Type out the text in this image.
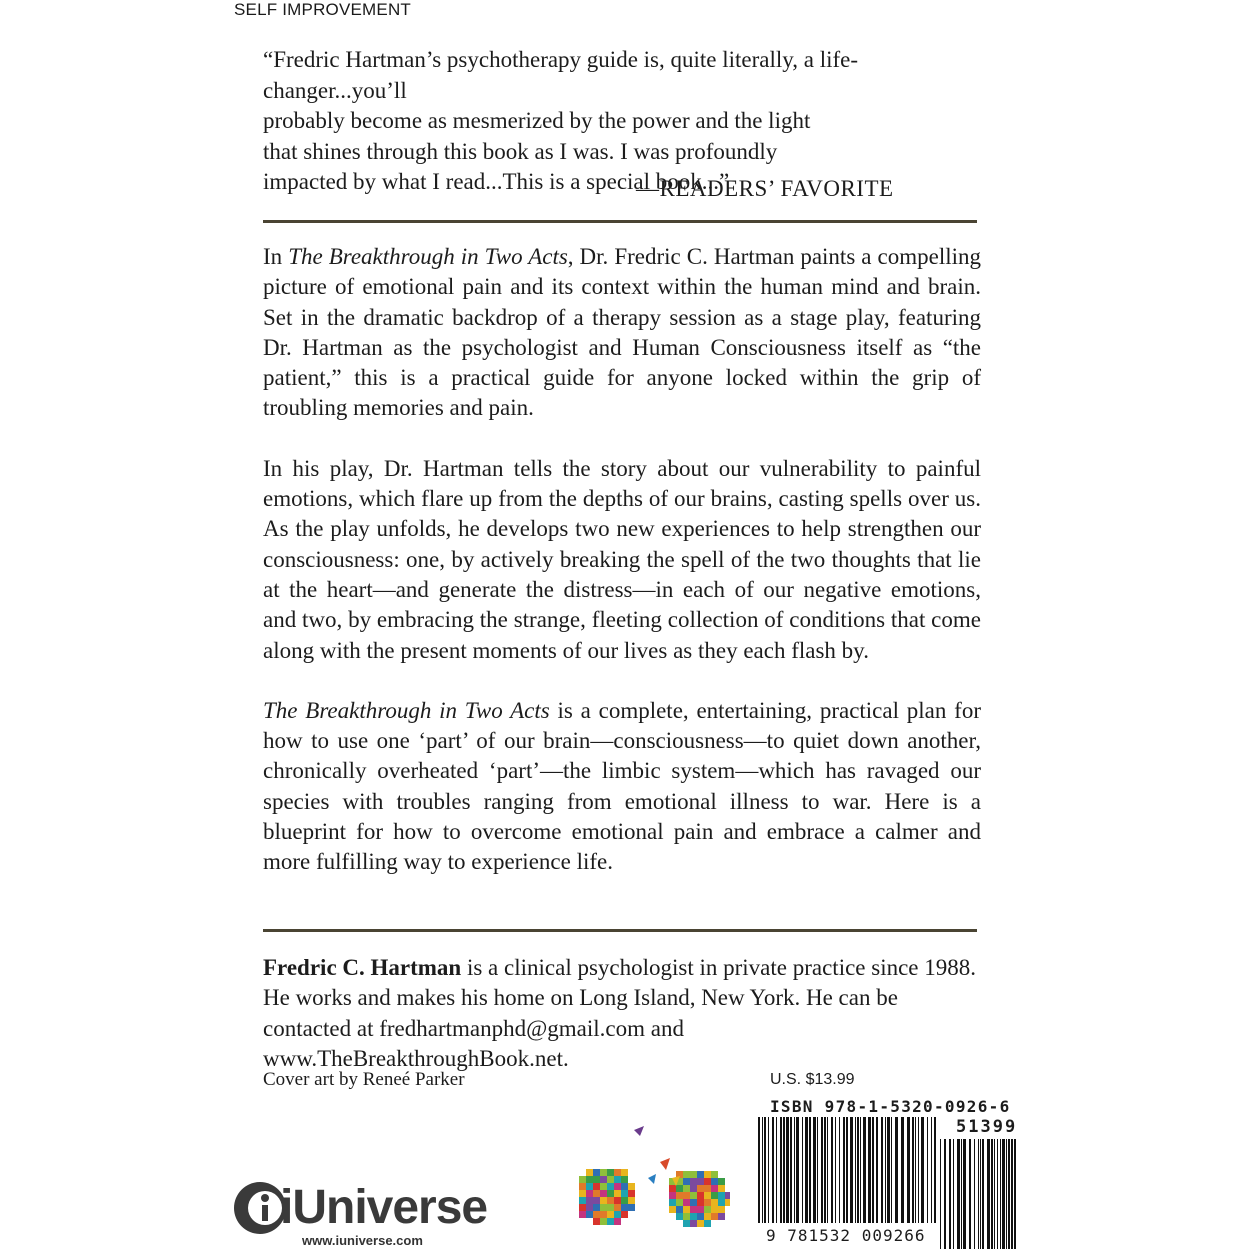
SELF IMPROVEMENT

“Fredric Hartman’s psychotherapy guide is, quite literally, a life-changer...you’ll

probably become as mesmerized by the power and the light

that shines through this book as I was. I was profoundly

impacted by what I read...This is a special book...”

—READERS’ FAVORITE

In The Breakthrough in Two Acts, Dr. Fredric C. Hartman paints a compelling picture of emotional pain and its context within the human mind and brain. Set in the dramatic backdrop of a therapy session as a stage play, featuring Dr. Hartman as the psychologist and Human Consciousness itself as “the patient,” this is a practical guide for anyone locked within the grip of troubling memories and pain.

In his play, Dr. Hartman tells the story about our vulnerability to painful emotions, which flare up from the depths of our brains, casting spells over us. As the play unfolds, he develops two new experiences to help strengthen our consciousness: one, by actively breaking the spell of the two thoughts that lie at the heart—and generate the distress—in each of our negative emotions, and two, by embracing the strange, fleeting collection of conditions that come along with the present moments of our lives as they each flash by.

The Breakthrough in Two Acts is a complete, entertaining, practical plan for how to use one ‘part’ of our brain—consciousness—to quiet down another, chronically overheated ‘part’—the limbic system—which has ravaged our species with troubles ranging from emotional illness to war. Here is a blueprint for how to overcome emotional pain and embrace a calmer and more fulfilling way to experience life.

Fredric C. Hartman is a clinical psychologist in private practice since 1988. He works and makes his home on Long Island, New York. He can be contacted at fredhartmanphd@gmail.com and www.TheBreakthroughBook.net.
Cover art by Reneé Parker	U.S. $13.99
ISBN 978-1-5320-0926-6
51399
9 781532 009266
iUniverse
www.iuniverse.com
